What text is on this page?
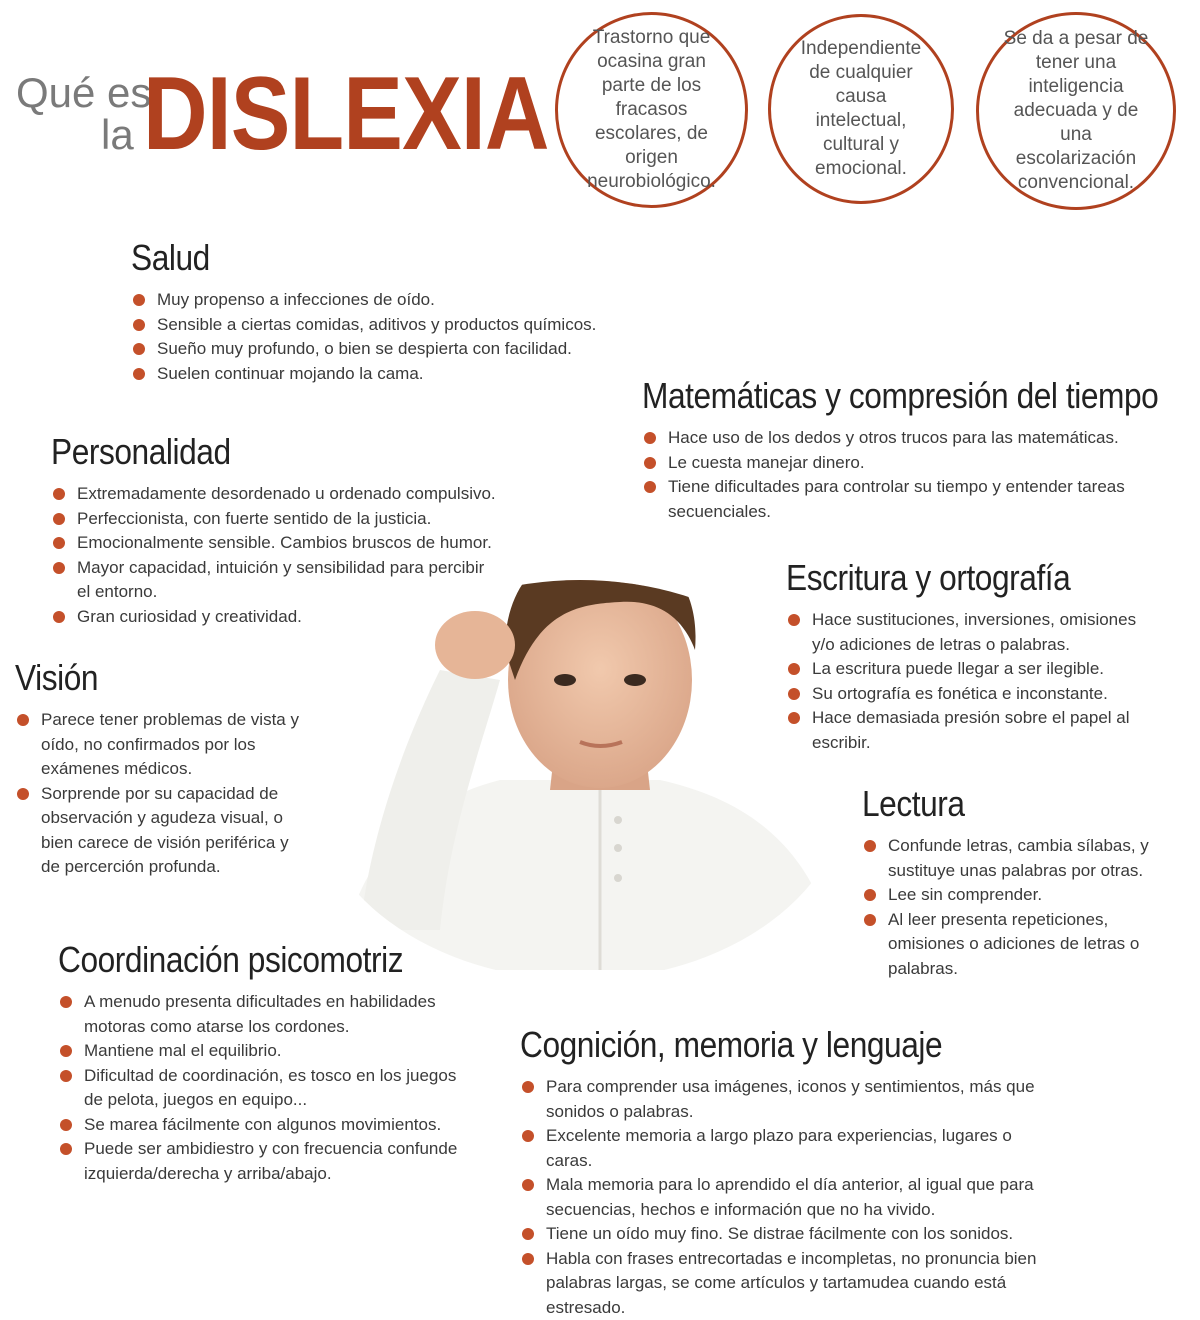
Qué es
la DISLEXIA
Trastorno que ocasina gran parte de los fracasos escolares, de origen neurobiológico.
Independiente de cualquier causa intelectual, cultural y emocional.
Se da a pesar de tener una inteligencia adecuada y de una escolarización convencional.
Salud
Muy propenso a infecciones de oído.
Sensible a ciertas comidas, aditivos y productos químicos.
Sueño muy profundo, o bien se despierta con facilidad.
Suelen continuar mojando la cama.
Personalidad
Extremadamente desordenado u ordenado compulsivo.
Perfeccionista, con fuerte sentido de la justicia.
Emocionalmente sensible. Cambios bruscos de humor.
Mayor capacidad, intuición y sensibilidad para percibir el entorno.
Gran curiosidad y creatividad.
Visión
Parece tener problemas de vista y oído, no confirmados por los exámenes médicos.
Sorprende por su capacidad de observación y agudeza visual, o bien carece de visión periférica y de percerción profunda.
Coordinación psicomotriz
A menudo presenta dificultades en habilidades motoras como atarse los cordones.
Mantiene mal el equilibrio.
Dificultad de coordinación, es tosco en los juegos de pelota, juegos en equipo...
Se marea fácilmente con algunos movimientos.
Puede ser ambidiestro y con frecuencia confunde izquierda/derecha y arriba/abajo.
Matemáticas y compresión del tiempo
Hace uso de los dedos y otros trucos para las matemáticas.
Le cuesta manejar dinero.
Tiene dificultades para controlar su tiempo y entender tareas secuenciales.
Escritura y ortografía
Hace sustituciones, inversiones, omisiones y/o adiciones de letras o palabras.
La escritura puede llegar a ser ilegible.
Su ortografía es fonética e inconstante.
Hace demasiada presión sobre el papel al escribir.
Lectura
Confunde letras, cambia sílabas, y sustituye unas palabras por otras.
Lee sin comprender.
Al leer presenta repeticiones, omisiones o adiciones de letras o palabras.
Cognición, memoria y lenguaje
Para comprender usa imágenes, iconos y sentimientos, más que sonidos o palabras.
Excelente memoria a largo plazo para experiencias, lugares o caras.
Mala memoria para lo aprendido el día anterior, al igual que para secuencias, hechos e información que no ha vivido.
Tiene un oído muy fino. Se distrae fácilmente con los sonidos.
Habla con frases entrecortadas e incompletas, no pronuncia bien palabras largas, se come artículos y tartamudea cuando está estresado.
